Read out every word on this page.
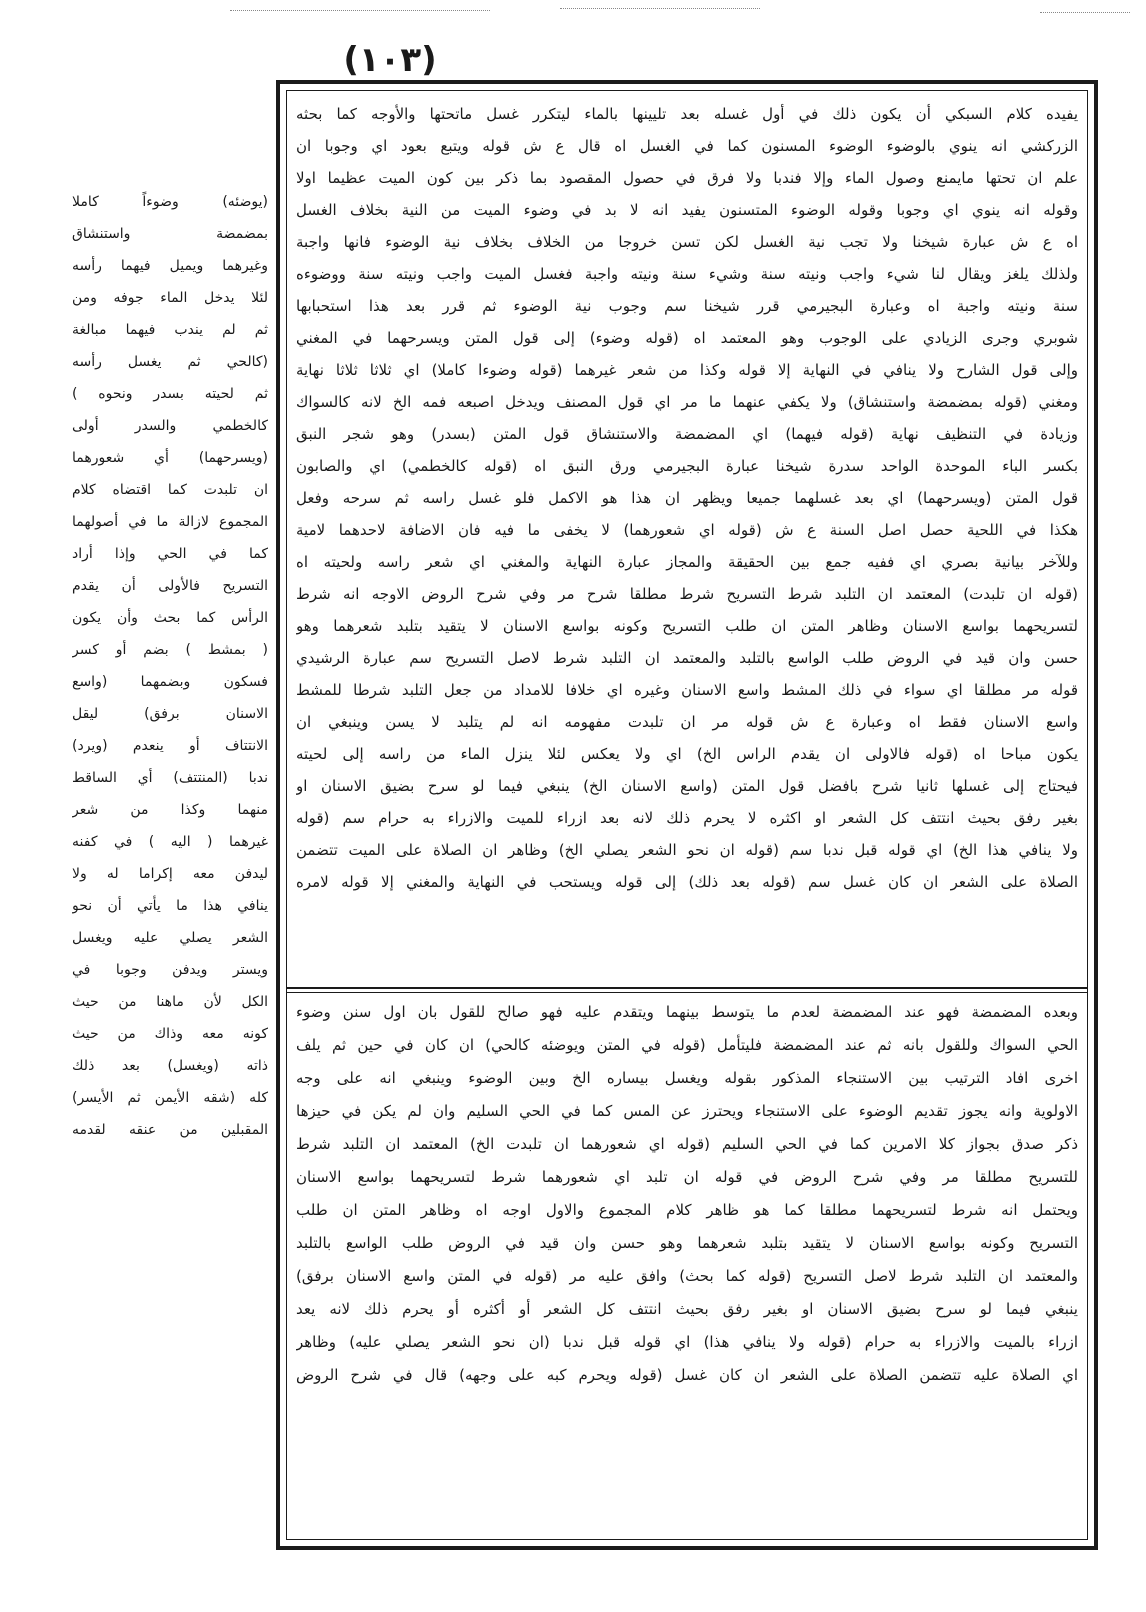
(١٠٣)
(يوضئه) وضوءاً كاملا
بمضمضة واستنشاق
وغيرهما ويميل فيهما رأسه
لئلا يدخل الماء جوفه ومن
ثم لم يندب فيهما مبالغة
(كالحي ثم يغسل رأسه
ثم لحيته بسدر ونحوه )
كالخطمي والسدر أولى
(ويسرحهما) أي شعورهما
ان تلبدت كما اقتضاه كلام
المجموع لازالة ما في أصولهما
كما في الحي وإذا أراد
التسريح فالأولى أن يقدم
الرأس كما بحث وأن يكون
( بمشط ) بضم أو كسر
فسكون وبضمهما (واسع
الاسنان برفق) ليقل
الانتتاف أو ينعدم (ويرد)
ندبا (المنتتف) أي الساقط
منهما وكذا من شعر
غيرهما ( اليه ) في كفنه
ليدفن معه إكراما له ولا
ينافي هذا ما يأتي أن نحو
الشعر يصلي عليه ويغسل
ويستر ويدفن وجوبا في
الكل لأن ماهنا من حيث
كونه معه وذاك من حيث
ذاته (ويغسل) بعد ذلك
كله (شقه الأيمن ثم الأيسر)
المقبلين من عنقه لقدمه
يفيده كلام السبكي أن يكون ذلك في أول غسله بعد تليينها بالماء ليتكرر غسل ماتحتها والأوجه كما بحثه
الزركشي انه ينوي بالوضوء الوضوء المسنون كما في الغسل اه قال ع ش قوله ويتبع بعود اي وجوبا ان
علم ان تحتها مايمنع وصول الماء وإلا فندبا ولا فرق في حصول المقصود بما ذكر بين كون الميت عظيما اولا
وقوله انه ينوي اي وجوبا وقوله الوضوء المتسنون يفيد انه لا بد في وضوء الميت من النية بخلاف الغسل
اه ع ش عبارة شيخنا ولا تجب نية الغسل لكن تسن خروجا من الخلاف بخلاف نية الوضوء فانها واجبة
ولذلك يلغز ويقال لنا شيء واجب ونيته سنة وشيء سنة ونيته واجبة فغسل الميت واجب ونيته سنة ووضوءه
سنة ونيته واجبة اه وعبارة البجيرمي قرر شيخنا سم وجوب نية الوضوء ثم قرر بعد هذا استحبابها
شوبري وجرى الزيادي على الوجوب وهو المعتمد اه (قوله وضوء) إلى قول المتن ويسرحهما في المغني
وإلى قول الشارح ولا ينافي في النهاية إلا قوله وكذا من شعر غيرهما (قوله وضوءا كاملا) اي ثلاثا ثلاثا نهاية
ومغني (قوله بمضمضة واستنشاق) ولا يكفي عنهما ما مر اي قول المصنف ويدخل اصبعه فمه الخ لانه كالسواك
وزيادة في التنظيف نهاية (قوله فيهما) اي المضمضة والاستنشاق قول المتن (بسدر) وهو شجر النبق
بكسر الباء الموحدة الواحد سدرة شيخنا عبارة البجيرمي ورق النبق اه (قوله كالخطمي) اي والصابون
قول المتن (ويسرحهما) اي بعد غسلهما جميعا ويظهر ان هذا هو الاكمل فلو غسل راسه ثم سرحه وفعل
هكذا في اللحية حصل اصل السنة ع ش (قوله اي شعورهما) لا يخفى ما فيه فان الاضافة لاحدهما لامية
وللآخر بيانية بصري اي ففيه جمع بين الحقيقة والمجاز عبارة النهاية والمغني اي شعر راسه ولحيته اه
(قوله ان تلبدت) المعتمد ان التلبد شرط التسريح شرط مطلقا شرح مر وفي شرح الروض الاوجه انه شرط
لتسريحهما بواسع الاسنان وظاهر المتن ان طلب التسريح وكونه بواسع الاسنان لا يتقيد بتلبد شعرهما وهو
حسن وان قيد في الروض طلب الواسع بالتلبد والمعتمد ان التلبد شرط لاصل التسريح سم عبارة الرشيدي
قوله مر مطلقا اي سواء في ذلك المشط واسع الاسنان وغيره اي خلافا للامداد من جعل التلبد شرطا للمشط
واسع الاسنان فقط اه وعبارة ع ش قوله مر ان تلبدت مفهومه انه لم يتلبد لا يسن وينبغي ان
يكون مباحا اه (قوله فالاولى ان يقدم الراس الخ) اي ولا يعكس لئلا ينزل الماء من راسه إلى لحيته
فيحتاج إلى غسلها ثانيا شرح بافضل قول المتن (واسع الاسنان الخ) ينبغي فيما لو سرح بضيق الاسنان او
بغير رفق بحيث انتتف كل الشعر او اكثره لا يحرم ذلك لانه بعد ازراء للميت والازراء به حرام سم (قوله
ولا ينافي هذا الخ) اي قوله قبل ندبا سم (قوله ان نحو الشعر يصلي الخ) وظاهر ان الصلاة على الميت تتضمن
الصلاة على الشعر ان كان غسل سم (قوله بعد ذلك) إلى قوله ويستحب في النهاية والمغني إلا قوله لامره
وبعده المضمضة فهو عند المضمضة لعدم ما يتوسط بينهما ويتقدم عليه فهو صالح للقول بان اول سنن وضوء
الحي السواك وللقول بانه ثم عند المضمضة فليتأمل (قوله في المتن ويوضئه كالحي) ان كان في حين ثم يلف
اخرى افاد الترتيب بين الاستنجاء المذكور بقوله ويغسل بيساره الخ وبين الوضوء وينبغي انه على وجه
الاولوية وانه يجوز تقديم الوضوء على الاستنجاء ويحترز عن المس كما في الحي السليم وان لم يكن في حيزها
ذكر صدق بجواز كلا الامرين كما في الحي السليم (قوله اي شعورهما ان تلبدت الخ) المعتمد ان التلبد شرط
للتسريح مطلقا مر وفي شرح الروض في قوله ان تلبد اي شعورهما شرط لتسريحهما بواسع الاسنان
ويحتمل انه شرط لتسريحهما مطلقا كما هو ظاهر كلام المجموع والاول اوجه اه وظاهر المتن ان طلب
التسريح وكونه بواسع الاسنان لا يتقيد بتلبد شعرهما وهو حسن وان قيد في الروض طلب الواسع بالتلبد
والمعتمد ان التلبد شرط لاصل التسريح (قوله كما بحث) وافق عليه مر (قوله في المتن واسع الاسنان برفق)
ينبغي فيما لو سرح بضيق الاسنان او بغير رفق بحيث انتتف كل الشعر أو أكثره أو يحرم ذلك لانه يعد
ازراء بالميت والازراء به حرام (قوله ولا ينافي هذا) اي قوله قبل ندبا (ان نحو الشعر يصلي عليه) وظاهر
اي الصلاة عليه تتضمن الصلاة على الشعر ان كان غسل (قوله ويحرم كبه على وجهه) قال في شرح الروض
